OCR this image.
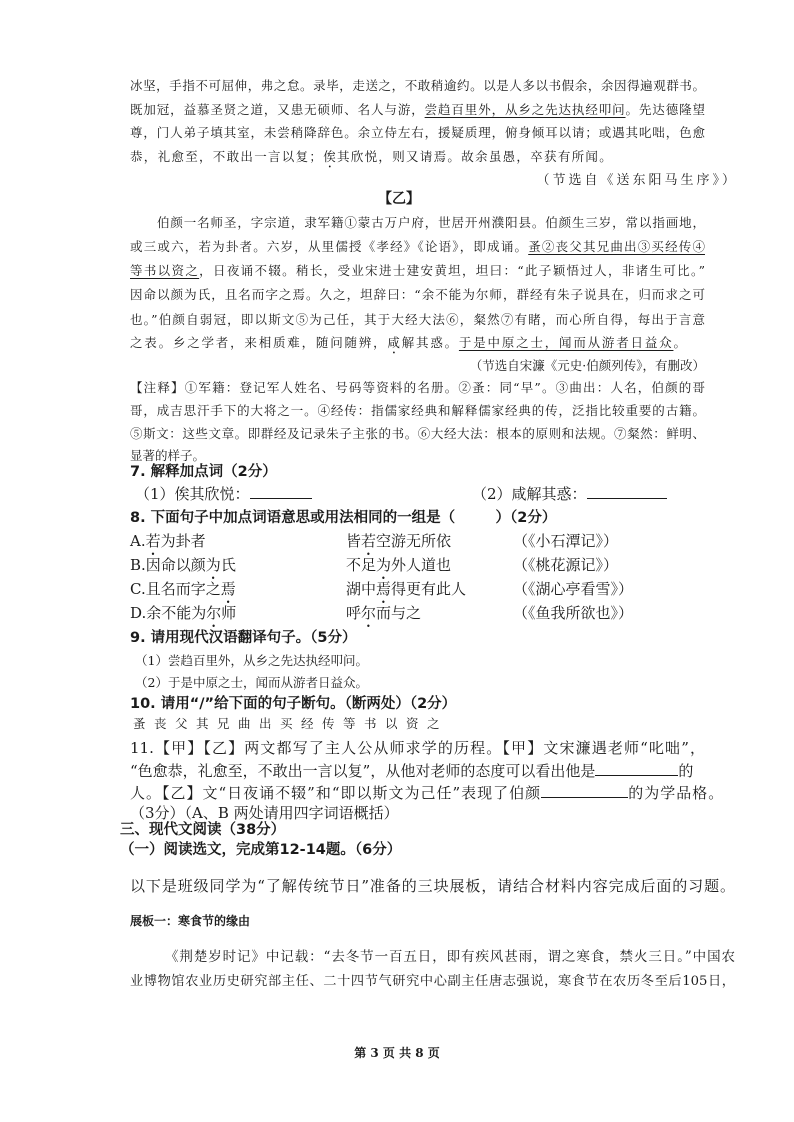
冰坚，手指不可屈伸，弗之怠。录毕，走送之，不敢稍逾约。以是人多以书假余，余因得遍观群书。
既加冠，益慕圣贤之道，又患无硕师、名人与游，尝趋百里外，从乡之先达执经叩问。先达德隆望
尊，门人弟子填其室，未尝稍降辞色。余立侍左右，援疑质理，俯身倾耳以请；或遇其叱咄，色愈
恭，礼愈至，不敢出一言以复；俟其欣悦，则又请焉。故余虽愚，卒获有所闻。
（节选自《送东阳马生序》）
【乙】
伯颜一名师圣，字宗道，隶军籍①蒙古万户府，世居开州濮阳县。伯颜生三岁，常以指画地，
或三或六，若为卦者。六岁，从里儒授《孝经》《论语》，即成诵。蚤②丧父其兄曲出③买经传④
等书以资之，日夜诵不辍。稍长，受业宋进士建安黄坦，坦曰：“此子颖悟过人，非诸生可比。”
因命以颜为氏，且名而字之焉。久之，坦辞曰：“余不能为尔师，群经有朱子说具在，归而求之可
也。”伯颜自弱冠，即以斯文⑤为己任，其于大经大法⑥，粲然⑦有睹，而心所自得，每出于言意
之表。乡之学者，来相质难，随问随辨，咸解其惑。于是中原之士，闻而从游者日益众。
（节选自宋濂《元史·伯颜列传》，有删改）
【注释】①军籍：登记军人姓名、号码等资料的名册。②蚤：同“早”。③曲出：人名，伯颜的哥
哥，成吉思汗手下的大将之一。④经传：指儒家经典和解释儒家经典的传，泛指比较重要的古籍。
⑤斯文：这些文章。即群经及记录朱子主张的书。⑥大经大法：根本的原则和法规。⑦粲然：鲜明、
显著的样子。
7. 解释加点词（2分）
（1）俟其欣悦：	（2）咸解其惑：
8. 下面句子中加点词语意思或用法相同的一组是（        ）（2分）
A.若为卦者	皆若空游无所依	（《小石潭记》）
B.因命以颜为氏	不足为外人道也	（《桃花源记》）
C.且名而字之焉	湖中焉得更有此人	（《湖心亭看雪》）
D.余不能为尔师	呼尔而与之	（《鱼我所欲也》）
9. 请用现代汉语翻译句子。（5分）
（1）尝趋百里外，从乡之先达执经叩问。
（2）于是中原之士，闻而从游者日益众。
10. 请用“/”给下面的句子断句。（断两处）（2分）
蚤丧父其兄曲出买经传等书以资之
11.【甲】【乙】两文都写了主人公从师求学的历程。【甲】文宋濂遇老师“叱咄”，
“色愈恭，礼愈至，不敢出一言以复”，从他对老师的态度可以看出他是	的
人。【乙】文“日夜诵不辍”和“即以斯文为己任”表现了伯颜	的为学品格。
（3分）（A、B 两处请用四字词语概括）
三、现代文阅读（38分）
（一）阅读选文，完成第12-14题。（6分）
以下是班级同学为“了解传统节日”准备的三块展板，请结合材料内容完成后面的习题。
展板一：寒食节的缘由
《荆楚岁时记》中记载：“去冬节一百五日，即有疾风甚雨，谓之寒食，禁火三日。”中国农
业博物馆农业历史研究部主任、二十四节气研究中心副主任唐志强说，寒食节在农历冬至后105日，
第 3 页 共 8 页
